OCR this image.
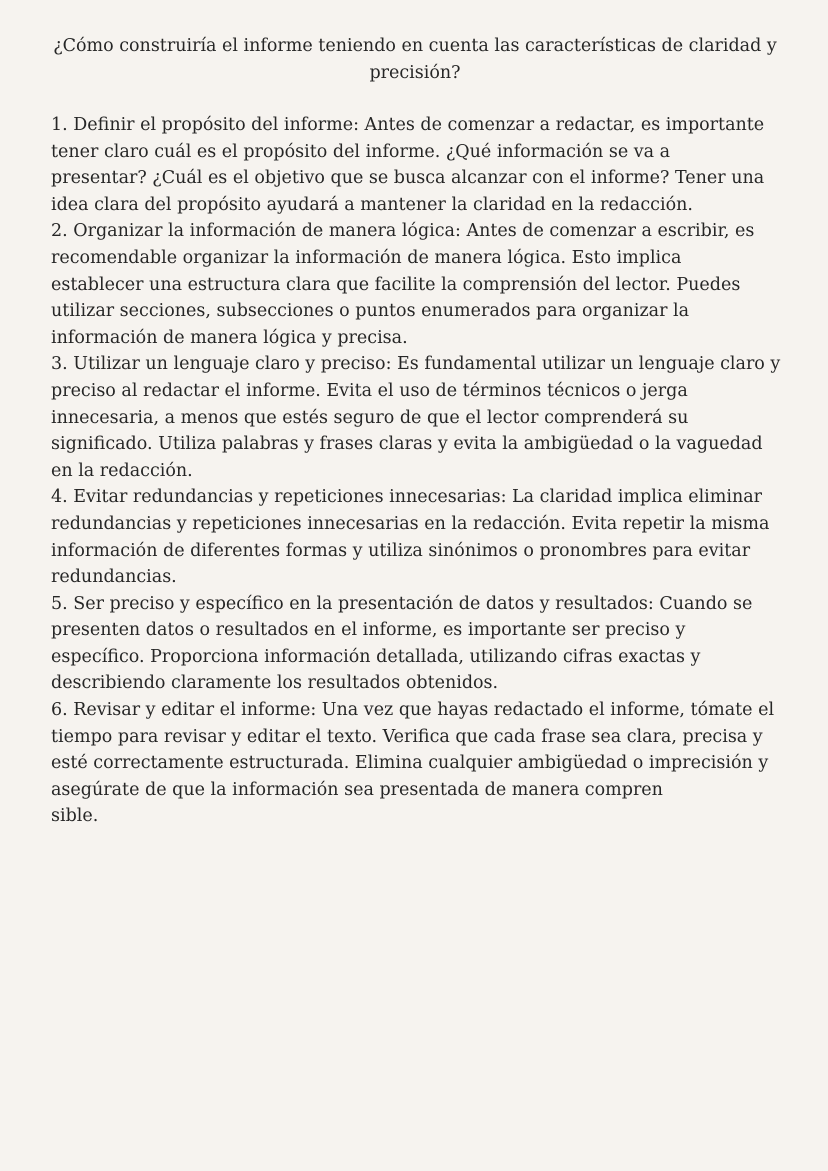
¿Cómo construiría el informe teniendo en cuenta las características de claridad y
precisión?
1. Definir el propósito del informe: Antes de comenzar a redactar, es importante
tener claro cuál es el propósito del informe. ¿Qué información se va a
presentar? ¿Cuál es el objetivo que se busca alcanzar con el informe? Tener una
idea clara del propósito ayudará a mantener la claridad en la redacción.
2. Organizar la información de manera lógica: Antes de comenzar a escribir, es
recomendable organizar la información de manera lógica. Esto implica
establecer una estructura clara que facilite la comprensión del lector. Puedes
utilizar secciones, subsecciones o puntos enumerados para organizar la
información de manera lógica y precisa.
3. Utilizar un lenguaje claro y preciso: Es fundamental utilizar un lenguaje claro y
preciso al redactar el informe. Evita el uso de términos técnicos o jerga
innecesaria, a menos que estés seguro de que el lector comprenderá su
significado. Utiliza palabras y frases claras y evita la ambigüedad o la vaguedad
en la redacción.
4. Evitar redundancias y repeticiones innecesarias: La claridad implica eliminar
redundancias y repeticiones innecesarias en la redacción. Evita repetir la misma
información de diferentes formas y utiliza sinónimos o pronombres para evitar
redundancias.
5. Ser preciso y específico en la presentación de datos y resultados: Cuando se
presenten datos o resultados en el informe, es importante ser preciso y
específico. Proporciona información detallada, utilizando cifras exactas y
describiendo claramente los resultados obtenidos.
6. Revisar y editar el informe: Una vez que hayas redactado el informe, tómate el
tiempo para revisar y editar el texto. Verifica que cada frase sea clara, precisa y
esté correctamente estructurada. Elimina cualquier ambigüedad o imprecisión y
asegúrate de que la información sea presentada de manera compren
sible.
